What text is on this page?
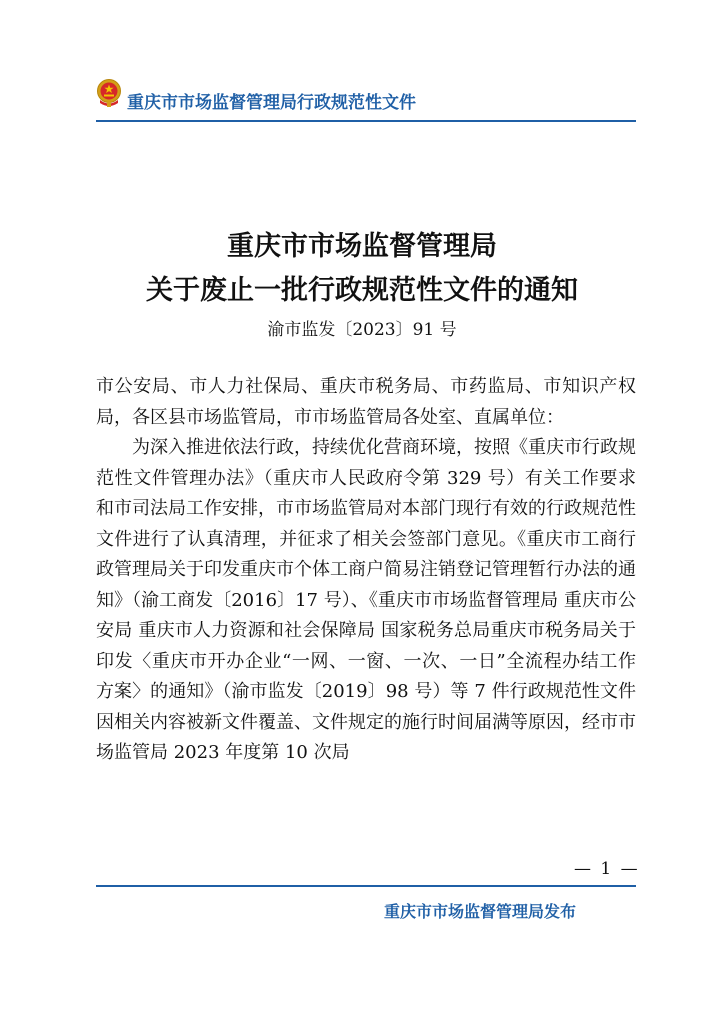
重庆市市场监督管理局行政规范性文件
重庆市市场监督管理局
关于废止一批行政规范性文件的通知
渝市监发〔2023〕91 号

市公安局、市人力社保局、重庆市税务局、市药监局、市知识产权局，各区县市场监管局，市市场监管局各处室、直属单位：

为深入推进依法行政，持续优化营商环境，按照《重庆市行政规范性文件管理办法》（重庆市人民政府令第 329 号）有关工作要求和市司法局工作安排，市市场监管局对本部门现行有效的行政规范性文件进行了认真清理，并征求了相关会签部门意见。《重庆市工商行政管理局关于印发重庆市个体工商户简易注销登记管理暂行办法的通知》（渝工商发〔2016〕17 号）、《重庆市市场监督管理局 重庆市公安局 重庆市人力资源和社会保障局 国家税务总局重庆市税务局关于印发〈重庆市开办企业“一网、一窗、一次、一日”全流程办结工作方案〉的通知》（渝市监发〔2019〕98 号）等 7 件行政规范性文件因相关内容被新文件覆盖、文件规定的施行时间届满等原因，经市市场监管局 2023 年度第 10 次局

— 1 —
重庆市市场监督管理局发布
